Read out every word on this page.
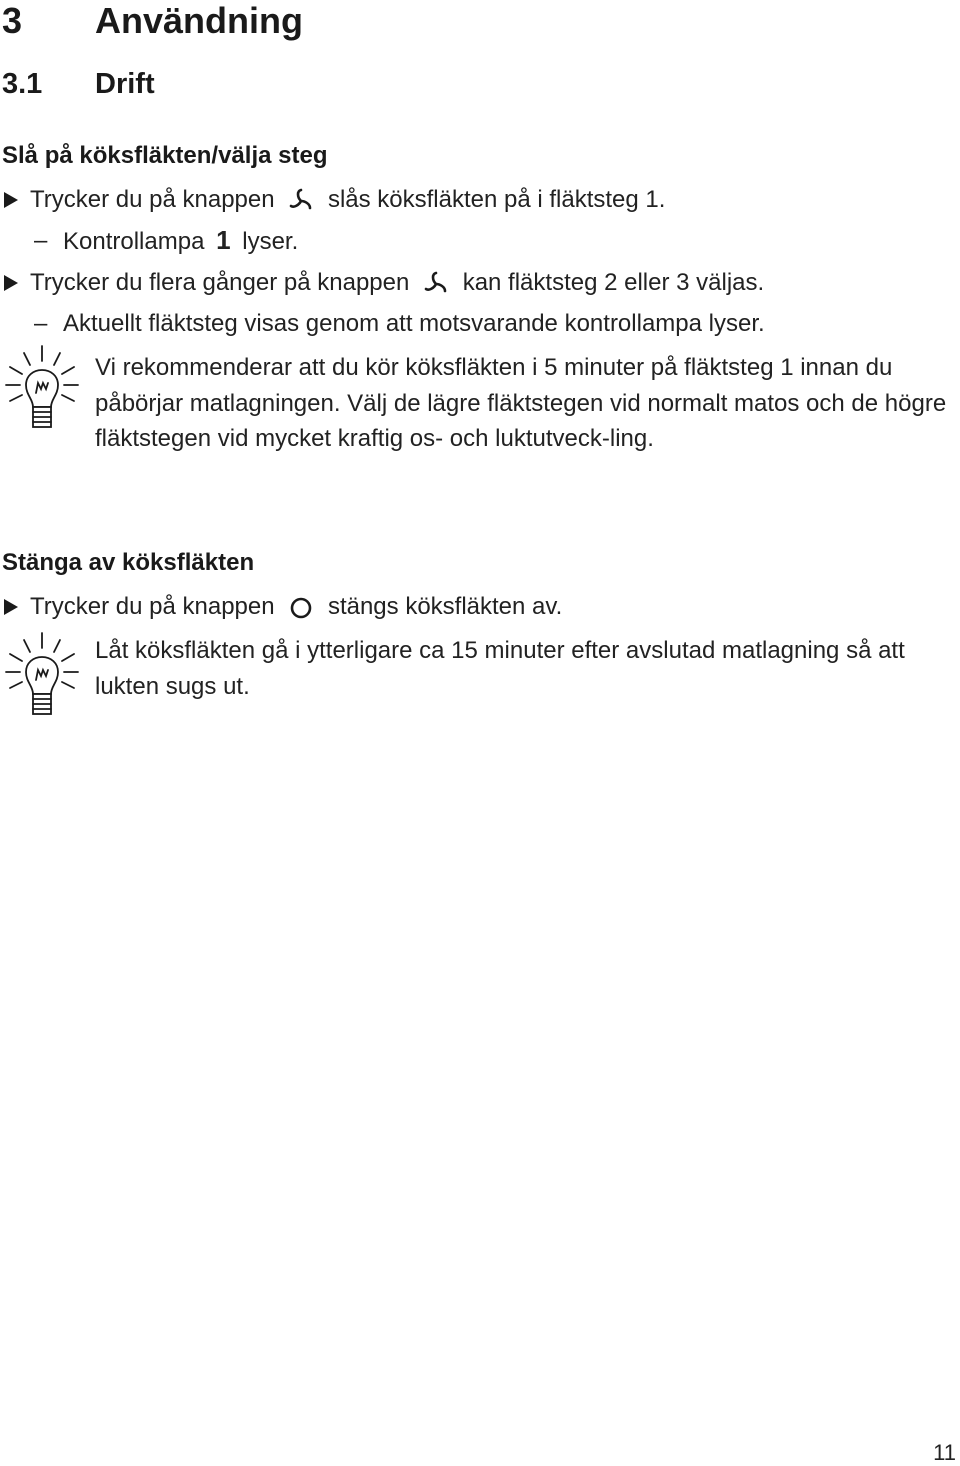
3 Användning
3.1 Drift
Slå på köksfläkten/välja steg
Trycker du på knappen slås köksfläkten på i fläktsteg 1.
– Kontrollampa 1 lyser.
Trycker du flera gånger på knappen kan fläktsteg 2 eller 3 väljas.
– Aktuellt fläktsteg visas genom att motsvarande kontrollampa lyser.
Vi rekommenderar att du kör köksfläkten i 5 minuter på fläktsteg 1 innan du påbörjar matlagningen. Välj de lägre fläktstegen vid normalt matos och de högre fläktstegen vid mycket kraftig os- och luktutveck-ling.
Stänga av köksfläkten
Trycker du på knappen stängs köksfläkten av.
Låt köksfläkten gå i ytterligare ca 15 minuter efter avslutad matlagning så att lukten sugs ut.
11
